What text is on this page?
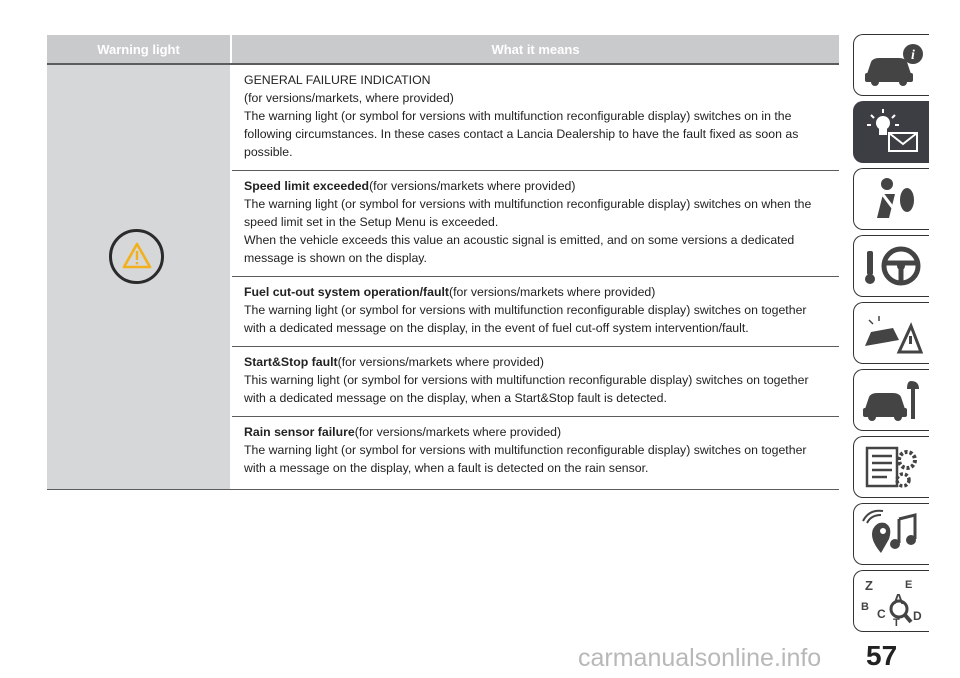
Warning light	What it means

GENERAL FAILURE INDICATION

(for versions/markets, where provided)

The warning light (or symbol for versions with multifunction reconfigurable display) switches on in the following circumstances. In these cases contact a Lancia Dealership to have the fault fixed as soon as possible.

Speed limit exceeded(for versions/markets where provided)

The warning light (or symbol for versions with multifunction reconfigurable display) switches on when the speed limit set in the Setup Menu is exceeded.

When the vehicle exceeds this value an acoustic signal is emitted, and on some versions a dedicated message is shown on the display.

Fuel cut-out system operation/fault(for versions/markets where provided)

The warning light (or symbol for versions with multifunction reconfigurable display) switches on together with a dedicated message on the display, in the event of fuel cut-off system intervention/fault.

Start&Stop fault(for versions/markets where provided)

This warning light (or symbol for versions with multifunction reconfigurable display) switches on together with a dedicated message on the display, when a Start&Stop fault is detected.

Rain sensor failure(for versions/markets where provided)

The warning light (or symbol for versions with multifunction reconfigurable display) switches on together with a message on the display, when a fault is detected on the rain sensor.

i
Z	E
A
B C D
T
carmanualsonline.info 57
